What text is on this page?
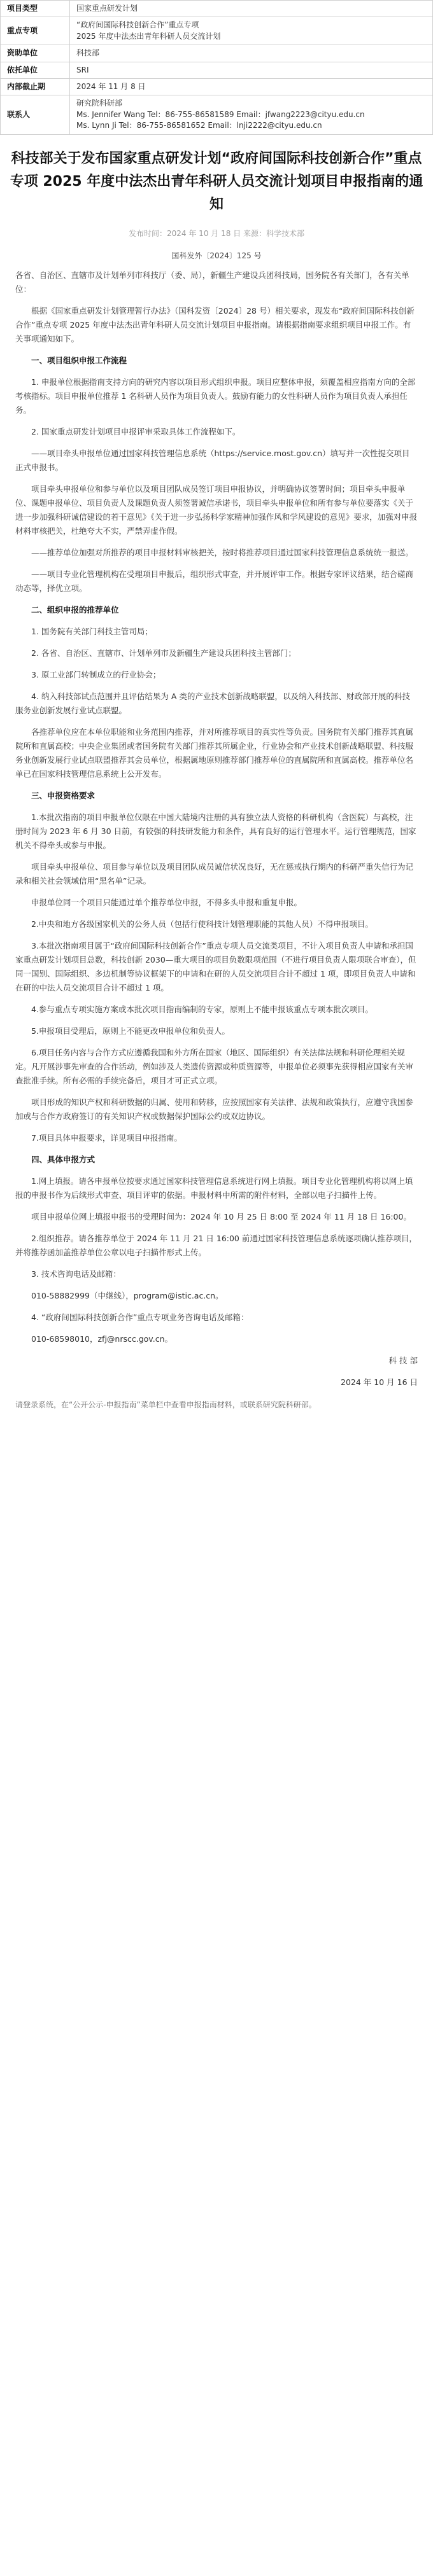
项目类型	国家重点研发计划

重点专项	“政府间国际科技创新合作”重点专项
2025 年度中法杰出青年科研人员交流计划

资助单位	科技部

依托单位	SRI

内部截止期	2024 年 11 月 8 日

联系人	研究院科研部
Ms. Jennifer Wang Tel：86-755-86581589 Email：jfwang2223@cityu.edu.cn
Ms. Lynn Ji Tel：86-755-86581652 Email：lnji2222@cityu.edu.cn
科技部关于发布国家重点研发计划“政府间国际科技创新合作”重点专项 2025 年度中法杰出青年科研人员交流计划项目申报指南的通知
发布时间：2024 年 10 月 18 日 来源：科学技术部
国科发外〔2024〕125 号

各省、自治区、直辖市及计划单列市科技厅（委、局），新疆生产建设兵团科技局，国务院各有关部门，各有关单位：

根据《国家重点研发计划管理暂行办法》（国科发资〔2024〕28 号）相关要求，现发布“政府间国际科技创新合作”重点专项 2025 年度中法杰出青年科研人员交流计划项目申报指南。请根据指南要求组织项目申报工作。有关事项通知如下。

一、项目组织申报工作流程

1. 申报单位根据指南支持方向的研究内容以项目形式组织申报。项目应整体申报，须覆盖相应指南方向的全部考核指标。项目申报单位推荐 1 名科研人员作为项目负责人。鼓励有能力的女性科研人员作为项目负责人承担任务。

2. 国家重点研发计划项目申报评审采取具体工作流程如下。

——项目牵头申报单位通过国家科技管理信息系统（https://service.most.gov.cn）填写并一次性提交项目正式申报书。

项目牵头申报单位和参与单位以及项目团队成员签订项目申报协议，并明确协议签署时间；项目牵头申报单位、课题申报单位、项目负责人及课题负责人须签署诚信承诺书，项目牵头申报单位和所有参与单位要落实《关于进一步加强科研诚信建设的若干意见》《关于进一步弘扬科学家精神加强作风和学风建设的意见》要求，加强对申报材料审核把关，杜绝夸大不实，严禁弄虚作假。

——推荐单位加强对所推荐的项目申报材料审核把关，按时将推荐项目通过国家科技管理信息系统统一报送。

——项目专业化管理机构在受理项目申报后，组织形式审查，并开展评审工作。根据专家评议结果，结合磋商动态等，择优立项。

二、组织申报的推荐单位

1. 国务院有关部门科技主管司局；

2. 各省、自治区、直辖市、计划单列市及新疆生产建设兵团科技主管部门；

3. 原工业部门转制成立的行业协会；

4. 纳入科技部试点范围并且评估结果为 A 类的产业技术创新战略联盟，以及纳入科技部、财政部开展的科技服务业创新发展行业试点联盟。

各推荐单位应在本单位职能和业务范围内推荐，并对所推荐项目的真实性等负责。国务院有关部门推荐其直属院所和直属高校；中央企业集团或者国务院有关部门推荐其所属企业，行业协会和产业技术创新战略联盟、科技服务业创新发展行业试点联盟推荐其会员单位，根据属地原则推荐部门推荐单位的直属院所和直属高校。推荐单位名单已在国家科技管理信息系统上公开发布。

三、申报资格要求

1.本批次指南的项目申报单位仅限在中国大陆境内注册的具有独立法人资格的科研机构（含医院）与高校，注册时间为 2023 年 6 月 30 日前，有较强的科技研发能力和条件，具有良好的运行管理水平。运行管理规范，国家机关不得牵头或参与申报。

项目牵头申报单位、项目参与单位以及项目团队成员诚信状况良好，无在惩戒执行期内的科研严重失信行为记录和相关社会领域信用“黑名单”记录。

申报单位同一个项目只能通过单个推荐单位申报，不得多头申报和重复申报。

2.中央和地方各级国家机关的公务人员（包括行使科技计划管理职能的其他人员）不得申报项目。

3.本批次指南项目属于“政府间国际科技创新合作”重点专项人员交流类项目，不计入项目负责人申请和承担国家重点研发计划项目总数，科技创新 2030—重大项目的项目负数限项范围（不进行项目负责人限项联合审查），但同一国别、国际组织、多边机制等协议框架下的申请和在研的人员交流项目合计不超过 1 项，即项目负责人申请和在研的中法人员交流项目合计不超过 1 项。

4.参与重点专项实施方案或本批次项目指南编制的专家，原则上不能申报该重点专项本批次项目。

5.申报项目受理后，原则上不能更改申报单位和负责人。

6.项目任务内容与合作方式应遵循我国和外方所在国家（地区、国际组织）有关法律法规和科研伦理相关规定。凡开展涉事先审查的合作活动，例如涉及人类遗传资源或种质资源等，申报单位必须事先获得相应国家有关审查批准手续。所有必需的手续完备后，项目才可正式立项。

项目形成的知识产权和科研数据的归属、使用和转移，应按照国家有关法律、法规和政策执行，应遵守我国参加或与合作方政府签订的有关知识产权或数据保护国际公约或双边协议。

7.项目具体申报要求，详见项目申报指南。

四、具体申报方式

1.网上填报。请各申报单位按要求通过国家科技管理信息系统进行网上填报。项目专业化管理机构将以网上填报的申报书作为后续形式审查、项目评审的依据。申报材料中所需的附件材料，全部以电子扫描件上传。

项目申报单位网上填报申报书的受理时间为：2024 年 10 月 25 日 8:00 至 2024 年 11 月 18 日 16:00。

2.组织推荐。请各推荐单位于 2024 年 11 月 21 日 16:00 前通过国家科技管理信息系统逐项确认推荐项目，并将推荐函加盖推荐单位公章以电子扫描件形式上传。

3. 技术咨询电话及邮箱：

010-58882999（中继线），program@istic.ac.cn。

4. “政府间国际科技创新合作”重点专项业务咨询电话及邮箱：

010-68598010，zfj@nrscc.gov.cn。

科 技 部

2024 年 10 月 16 日

请登录系统，在“公开公示-申报指南”菜单栏中查看申报指南材料，或联系研究院科研部。
